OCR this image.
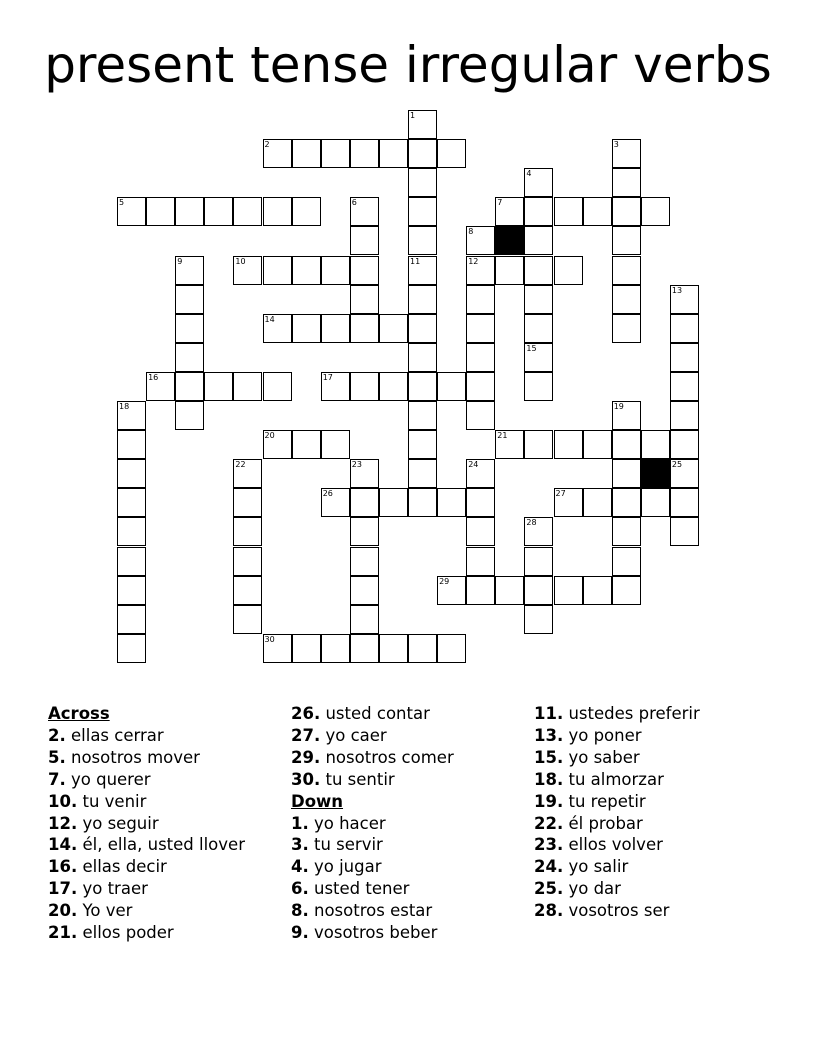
present tense irregular verbs
2
5	7
10	12
14
16	17
20	21
26	27
29
30
1
3
4
6
8
9	11
13
15
18	19
22	23	24	25
28
Across
2. ellas cerrar
5. nosotros mover
7. yo querer
10. tu venir
12. yo seguir
14. él, ella, usted llover
16. ellas decir
17. yo traer
20. Yo ver
21. ellos poder
26. usted contar
27. yo caer
29. nosotros comer
30. tu sentir
Down
1. yo hacer
3. tu servir
4. yo jugar
6. usted tener
8. nosotros estar
9. vosotros beber
11. ustedes preferir
13. yo poner
15. yo saber
18. tu almorzar
19. tu repetir
22. él probar
23. ellos volver
24. yo salir
25. yo dar
28. vosotros ser
